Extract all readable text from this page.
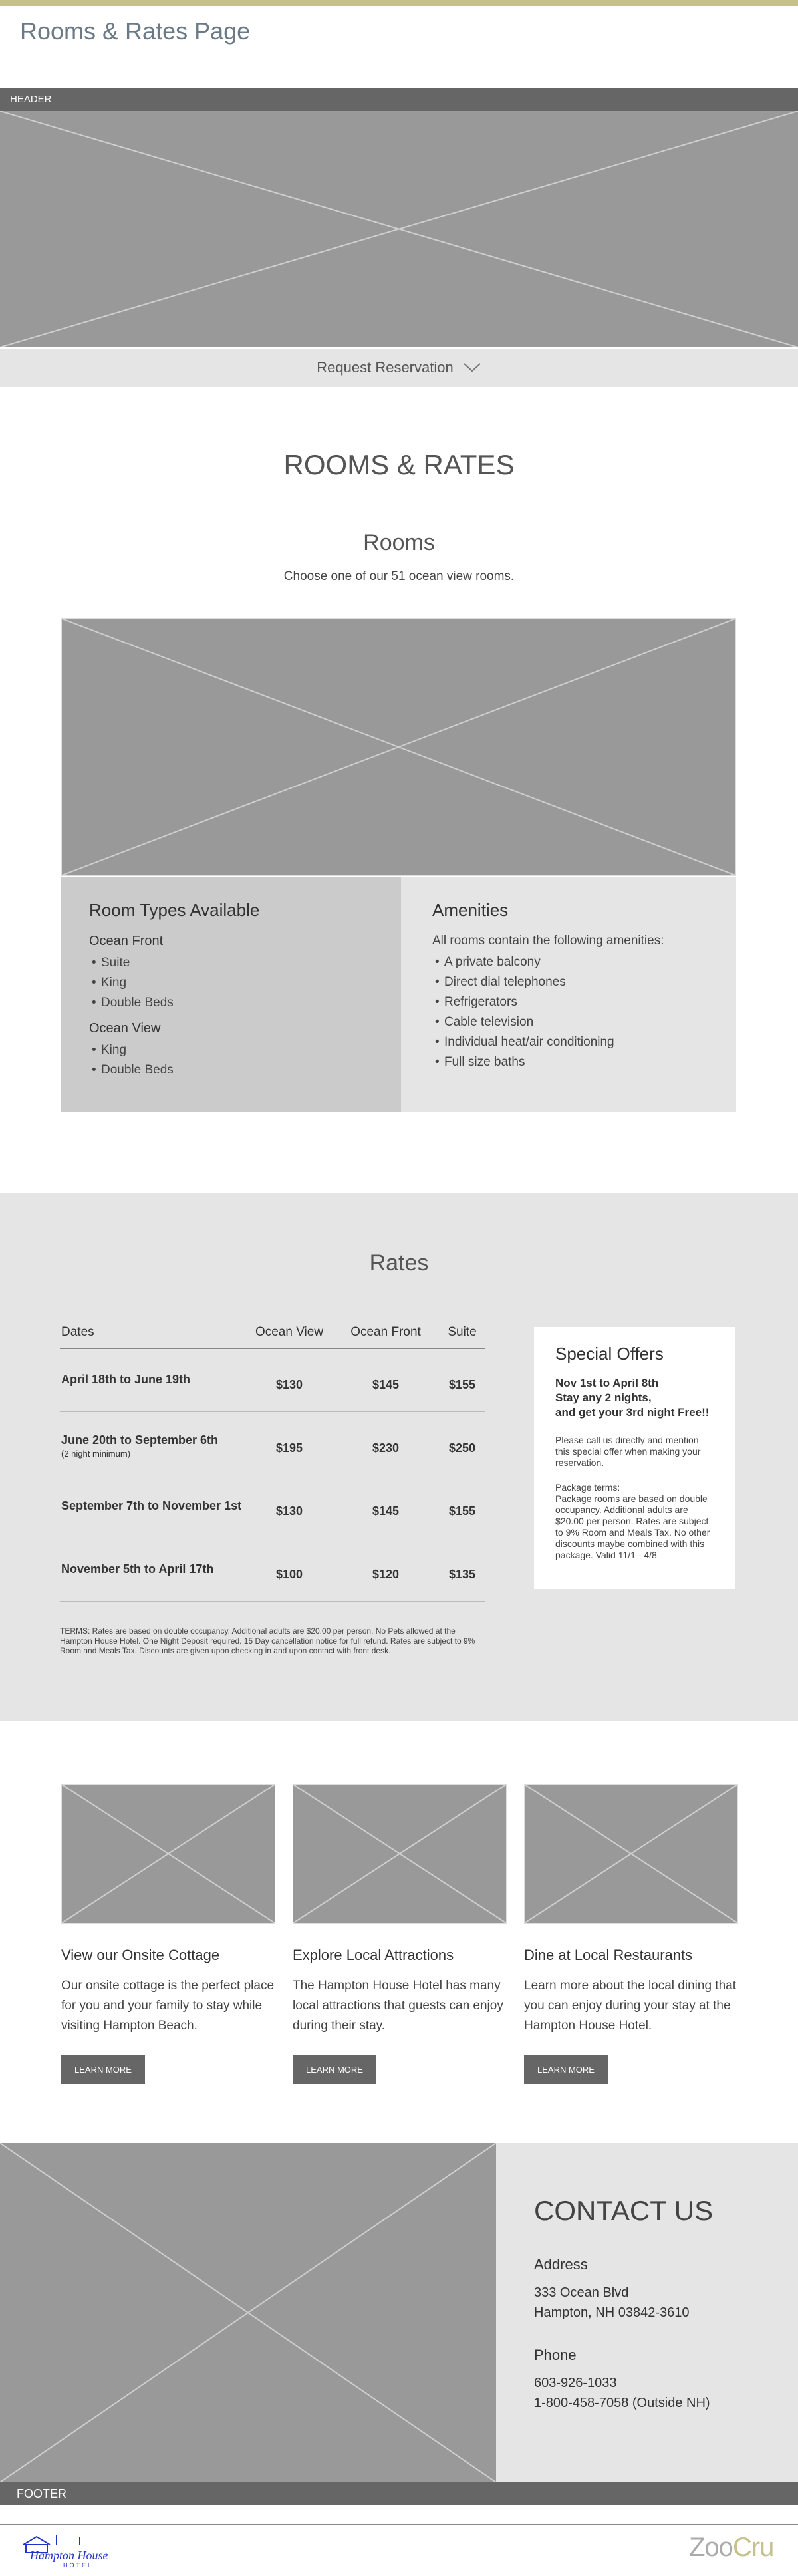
Rooms & Rates Page
HEADER
Request Reservation
ROOMS & RATES
Rooms
Choose one of our 51 ocean view rooms.
Room Types Available
Ocean Front
• Suite
• King
• Double Beds
Ocean View
• King
• Double Beds
Amenities
All rooms contain the following amenities:
• A private balcony
• Direct dial telephones
• Refrigerators
• Cable television
• Individual heat/air conditioning
• Full size baths
Rates
Dates	Ocean View	Ocean Front	Suite
April 18th to June 19th	$130	$145	$155
June 20th to September 6th
(2 night minimum)	$195	$230	$250
September 7th to November 1st	$130	$145	$155
November 5th to April 17th	$100	$120	$135
TERMS: Rates are based on double occupancy. Additional adults are $20.00 per person. No Pets allowed at the Hampton House Hotel. One Night Deposit required. 15 Day cancellation notice for full refund. Rates are subject to 9% Room and Meals Tax. Discounts are given upon checking in and upon contact with front desk.
Special Offers
Nov 1st to April 8th
Stay any 2 nights,
and get your 3rd night Free!!
Please call us directly and mention this special offer when making your reservation.
Package terms:
Package rooms are based on double occupancy. Additional adults are $20.00 per person. Rates are subject to 9% Room and Meals Tax. No other discounts maybe combined with this package. Valid 11/1 - 4/8
View our Onsite Cottage
Our onsite cottage is the perfect place for you and your family to stay while visiting Hampton Beach.
LEARN MORE
Explore Local Attractions
The Hampton House Hotel has many local attractions that guests can enjoy during their stay.
LEARN MORE
Dine at Local Restaurants
Learn more about the local dining that you can enjoy during your stay at the Hampton House Hotel.
LEARN MORE
CONTACT US
Address
333 Ocean Blvd
Hampton, NH 03842-3610
Phone
603-926-1033
1-800-458-7058 (Outside NH)
FOOTER
Hampton House
HOTEL
ZooCru
